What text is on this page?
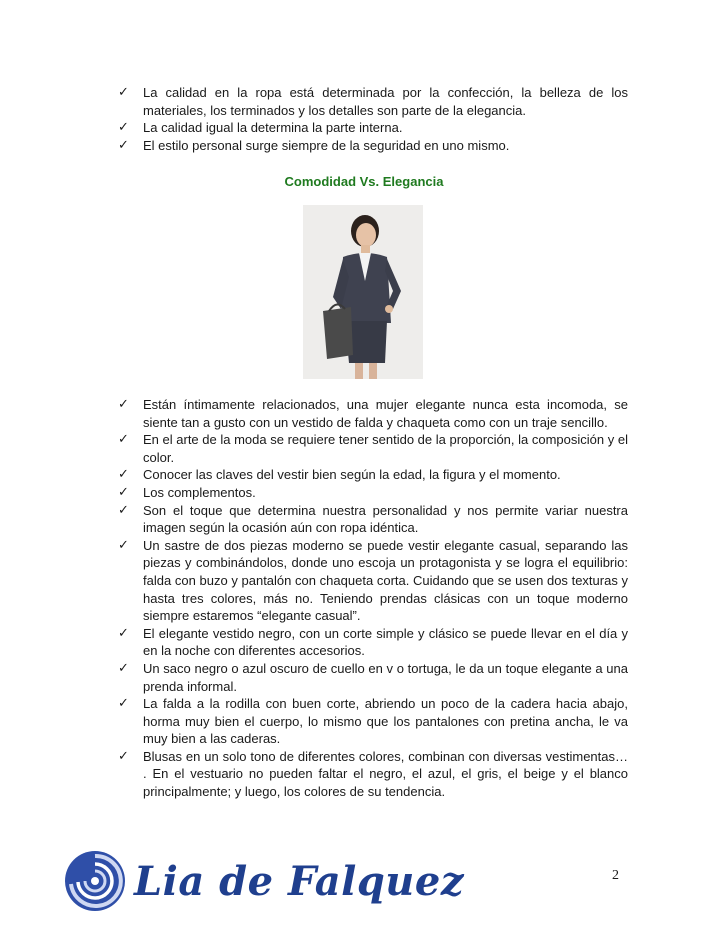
✓ La calidad en la ropa está determinada por la confección, la belleza de los materiales, los terminados y los detalles son parte de la elegancia.
✓ La calidad igual la determina la parte interna.
✓ El estilo personal surge siempre de la seguridad en uno mismo.
Comodidad Vs. Elegancia
✓ Están íntimamente relacionados, una mujer elegante nunca esta incomoda, se siente tan a gusto con un vestido de falda y chaqueta como con un traje sencillo.
✓ En el arte de la moda se requiere tener sentido de la proporción, la composición y el color.
✓ Conocer las claves del vestir bien según la edad, la figura y el momento.
✓ Los complementos.
✓ Son el toque que determina nuestra personalidad y nos permite variar nuestra imagen según la ocasión aún con ropa idéntica.
✓ Un sastre de dos piezas moderno se puede vestir elegante casual, separando las piezas y combinándolos, donde uno escoja un protagonista y se logra el equilibrio: falda con buzo y pantalón con chaqueta corta. Cuidando que se usen dos texturas y hasta tres colores, más no. Teniendo prendas clásicas con un toque moderno siempre estaremos “elegante casual”.
✓ El elegante vestido negro, con un corte simple y clásico se puede llevar en el día y en la noche con diferentes accesorios.
✓ Un saco negro o azul oscuro de cuello en v o tortuga, le da un toque elegante a una prenda informal.
✓ La falda a la rodilla con buen corte, abriendo un poco de la cadera hacia abajo, horma muy bien el cuerpo, lo mismo que los pantalones con pretina ancha, le va muy bien a las caderas.
✓ Blusas en un solo tono de diferentes colores, combinan con diversas vestimentas… . En el vestuario no pueden faltar el negro, el azul, el gris, el beige y el blanco principalmente; y luego, los colores de su tendencia.
Lia de Falquez	2
